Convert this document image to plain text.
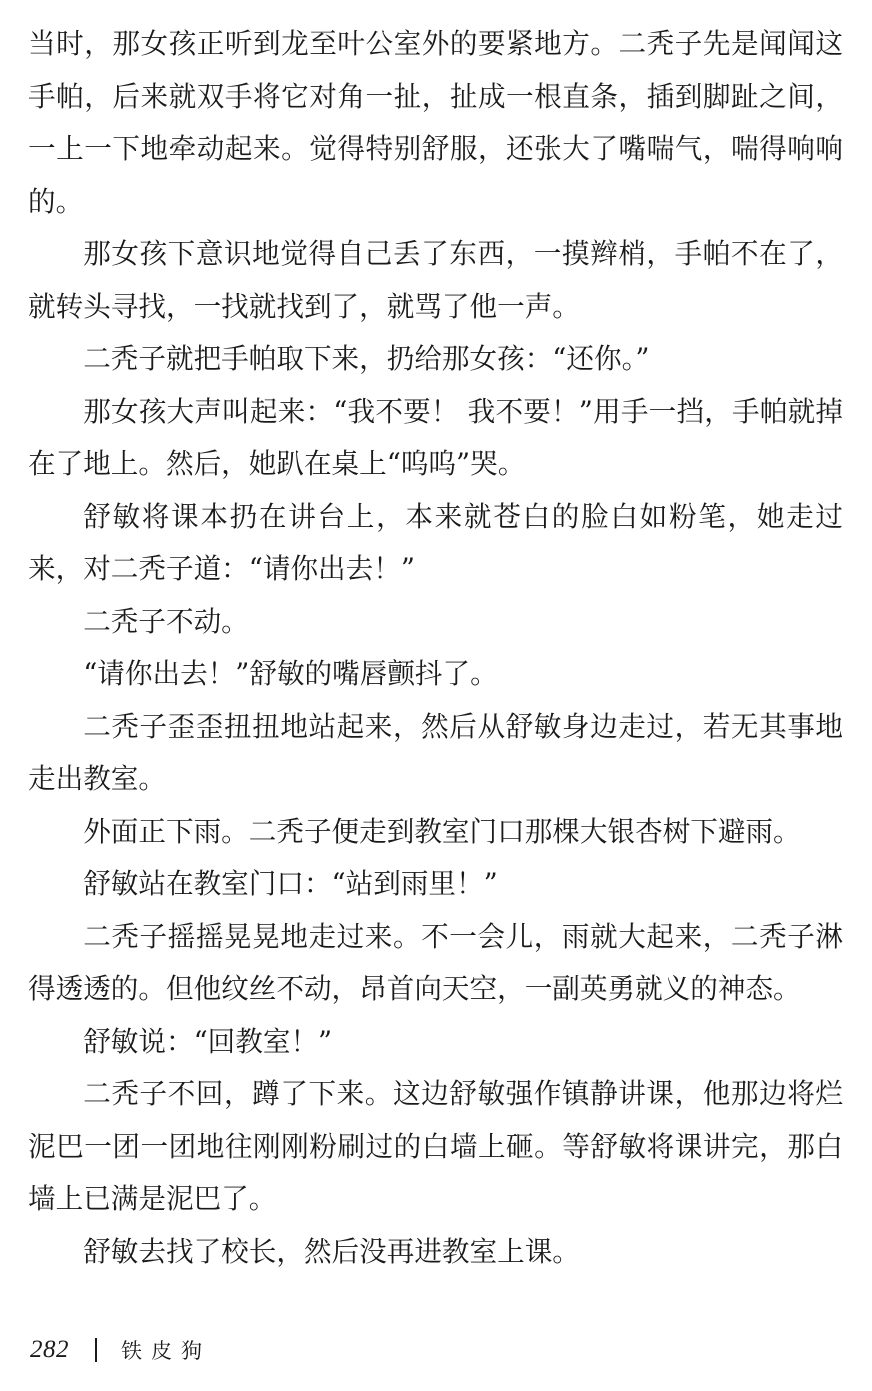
当时，那女孩正听到龙至叶公室外的要紧地方。二秃子先是闻闻这手帕，后来就双手将它对角一扯，扯成一根直条，插到脚趾之间，一上一下地牵动起来。觉得特别舒服，还张大了嘴喘气，喘得响响的。

那女孩下意识地觉得自己丢了东西，一摸辫梢，手帕不在了，就转头寻找，一找就找到了，就骂了他一声。

二秃子就把手帕取下来，扔给那女孩：“还你。”

那女孩大声叫起来：“我不要！ 我不要！”用手一挡，手帕就掉在了地上。然后，她趴在桌上“呜呜”哭。

舒敏将课本扔在讲台上，本来就苍白的脸白如粉笔，她走过来，对二秃子道：“请你出去！”

二秃子不动。

“请你出去！”舒敏的嘴唇颤抖了。

二秃子歪歪扭扭地站起来，然后从舒敏身边走过，若无其事地走出教室。

外面正下雨。二秃子便走到教室门口那棵大银杏树下避雨。

舒敏站在教室门口：“站到雨里！”

二秃子摇摇晃晃地走过来。不一会儿，雨就大起来，二秃子淋得透透的。但他纹丝不动，昂首向天空，一副英勇就义的神态。

舒敏说：“回教室！”

二秃子不回，蹲了下来。这边舒敏强作镇静讲课，他那边将烂泥巴一团一团地往刚刚粉刷过的白墙上砸。等舒敏将课讲完，那白墙上已满是泥巴了。

舒敏去找了校长，然后没再进教室上课。

282 铁皮狗
